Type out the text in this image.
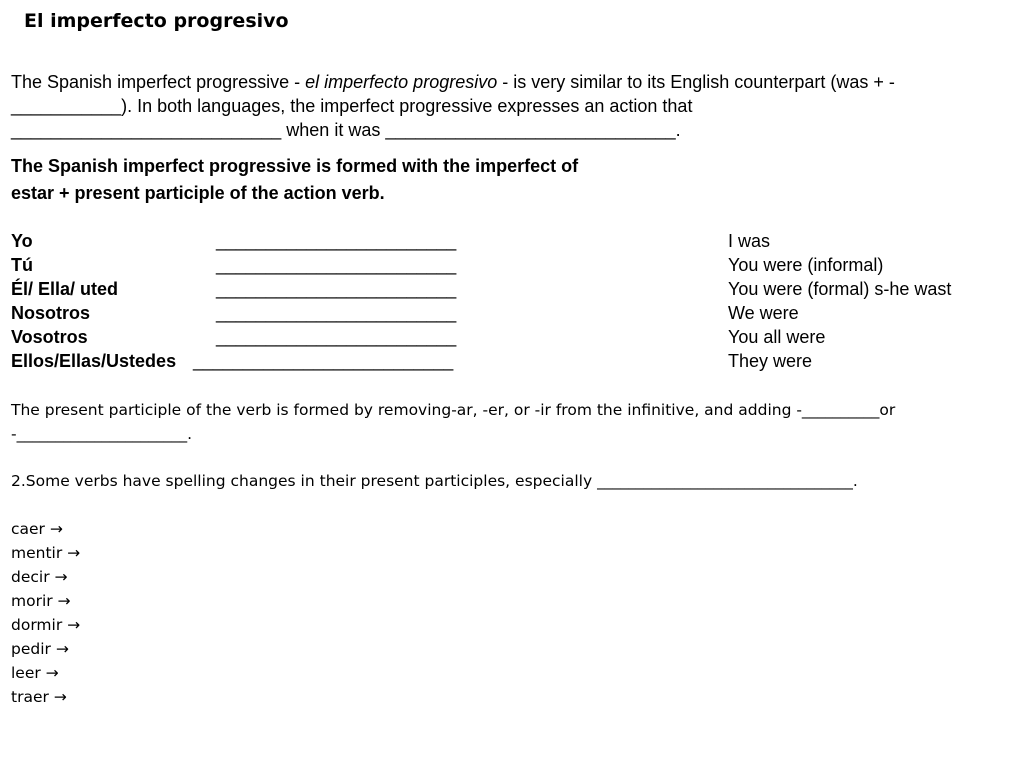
El imperfecto progresivo
The Spanish imperfect progressive - el imperfecto progresivo - is very similar to its English counterpart (was + -
___________). In both languages, the imperfect progressive expresses an action that
___________________________ when it was _____________________________.
The Spanish imperfect progressive is formed with the imperfect of
estar + present participle of the action verb.
Yo	________________________	I was
Tú	________________________	You were (informal)
Él/ Ella/ uted	________________________	You were (formal) s-he wast
Nosotros	________________________	We were
Vosotros	________________________	You all were
Ellos/Ellas/Ustedes __________________________	They were
The present participle of the verb is formed by removing-ar, -er, or -ir from the infinitive, and adding -__________or
-______________________.
2.Some verbs have spelling changes in their present participles, especially _________________________________.
caer →
mentir →
decir →
morir →
dormir →
pedir →
leer →
traer →
